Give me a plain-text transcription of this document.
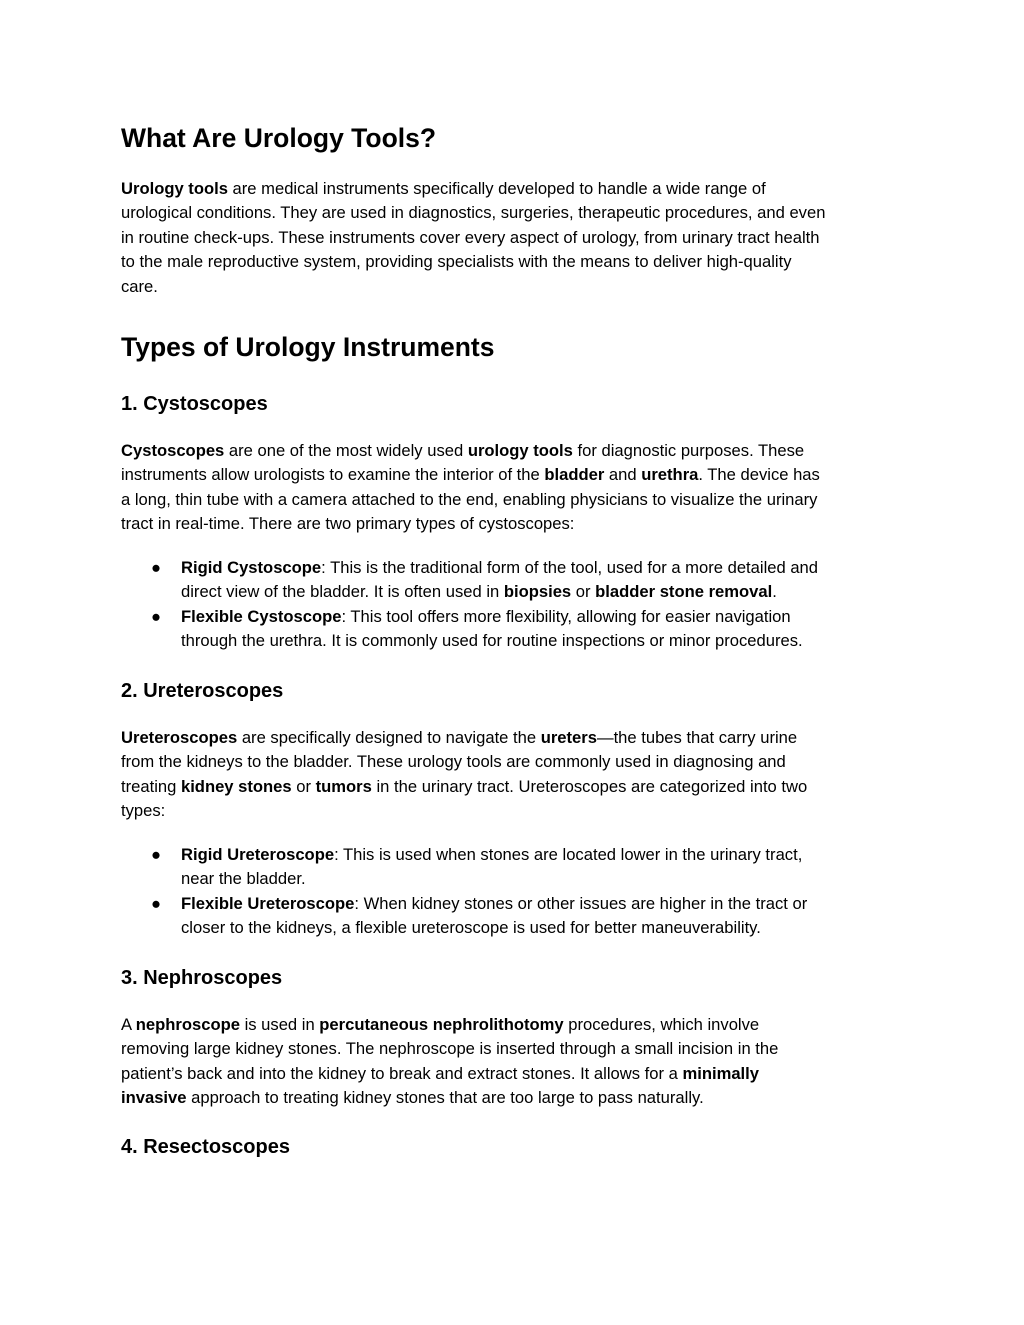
What Are Urology Tools?

Urology tools are medical instruments specifically developed to handle a wide range of
urological conditions. They are used in diagnostics, surgeries, therapeutic procedures, and even
in routine check-ups. These instruments cover every aspect of urology, from urinary tract health
to the male reproductive system, providing specialists with the means to deliver high-quality
care.

Types of Urology Instruments
1. Cystoscopes

Cystoscopes are one of the most widely used urology tools for diagnostic purposes. These
instruments allow urologists to examine the interior of the bladder and urethra. The device has
a long, thin tube with a camera attached to the end, enabling physicians to visualize the urinary
tract in real-time. There are two primary types of cystoscopes:

● Rigid Cystoscope: This is the traditional form of the tool, used for a more detailed and
direct view of the bladder. It is often used in biopsies or bladder stone removal.
● Flexible Cystoscope: This tool offers more flexibility, allowing for easier navigation
through the urethra. It is commonly used for routine inspections or minor procedures.
2. Ureteroscopes

Ureteroscopes are specifically designed to navigate the ureters—the tubes that carry urine
from the kidneys to the bladder. These urology tools are commonly used in diagnosing and
treating kidney stones or tumors in the urinary tract. Ureteroscopes are categorized into two
types:

● Rigid Ureteroscope: This is used when stones are located lower in the urinary tract,
near the bladder.
● Flexible Ureteroscope: When kidney stones or other issues are higher in the tract or
closer to the kidneys, a flexible ureteroscope is used for better maneuverability.
3. Nephroscopes

A nephroscope is used in percutaneous nephrolithotomy procedures, which involve
removing large kidney stones. The nephroscope is inserted through a small incision in the
patient’s back and into the kidney to break and extract stones. It allows for a minimally
invasive approach to treating kidney stones that are too large to pass naturally.

4. Resectoscopes
